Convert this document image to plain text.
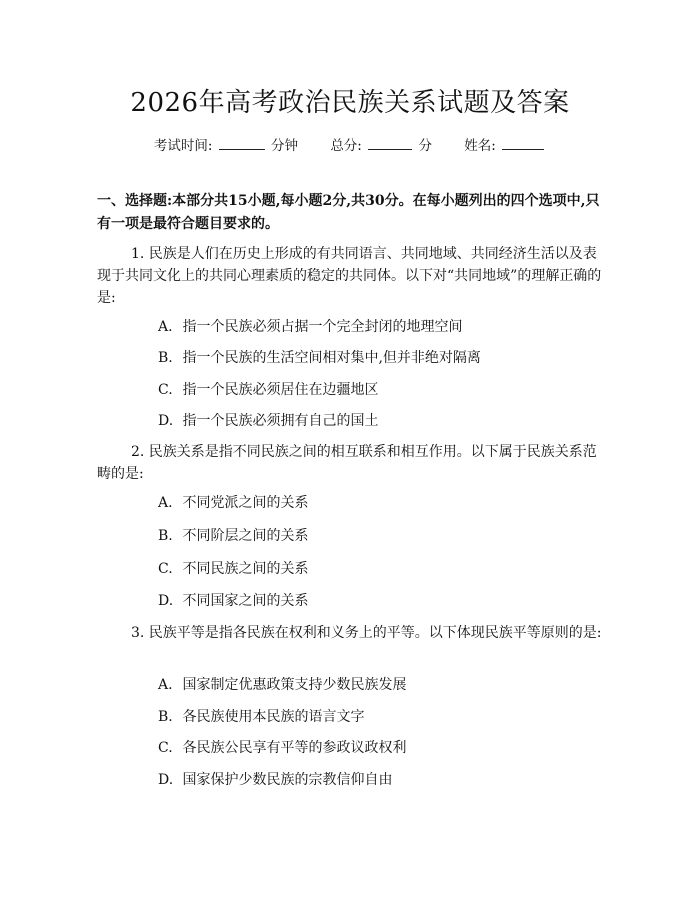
2026年高考政治民族关系试题及答案
考试时间:	分钟 总分:	分 姓名:

一、选择题:本部分共15小题,每小题2分,共30分。在每小题列出的四个选项中,只有一项是最符合题目要求的。

1. 民族是人们在历史上形成的有共同语言、共同地域、共同经济生活以及表现于共同文化上的共同心理素质的稳定的共同体。以下对“共同地域”的理解正确的是:

A. 指一个民族必须占据一个完全封闭的地理空间
B. 指一个民族的生活空间相对集中,但并非绝对隔离
C. 指一个民族必须居住在边疆地区
D. 指一个民族必须拥有自己的国土

2. 民族关系是指不同民族之间的相互联系和相互作用。以下属于民族关系范畴的是:

A. 不同党派之间的关系
B. 不同阶层之间的关系
C. 不同民族之间的关系
D. 不同国家之间的关系

3. 民族平等是指各民族在权利和义务上的平等。以下体现民族平等原则的是:

A. 国家制定优惠政策支持少数民族发展
B. 各民族使用本民族的语言文字
C. 各民族公民享有平等的参政议政权利
D. 国家保护少数民族的宗教信仰自由
